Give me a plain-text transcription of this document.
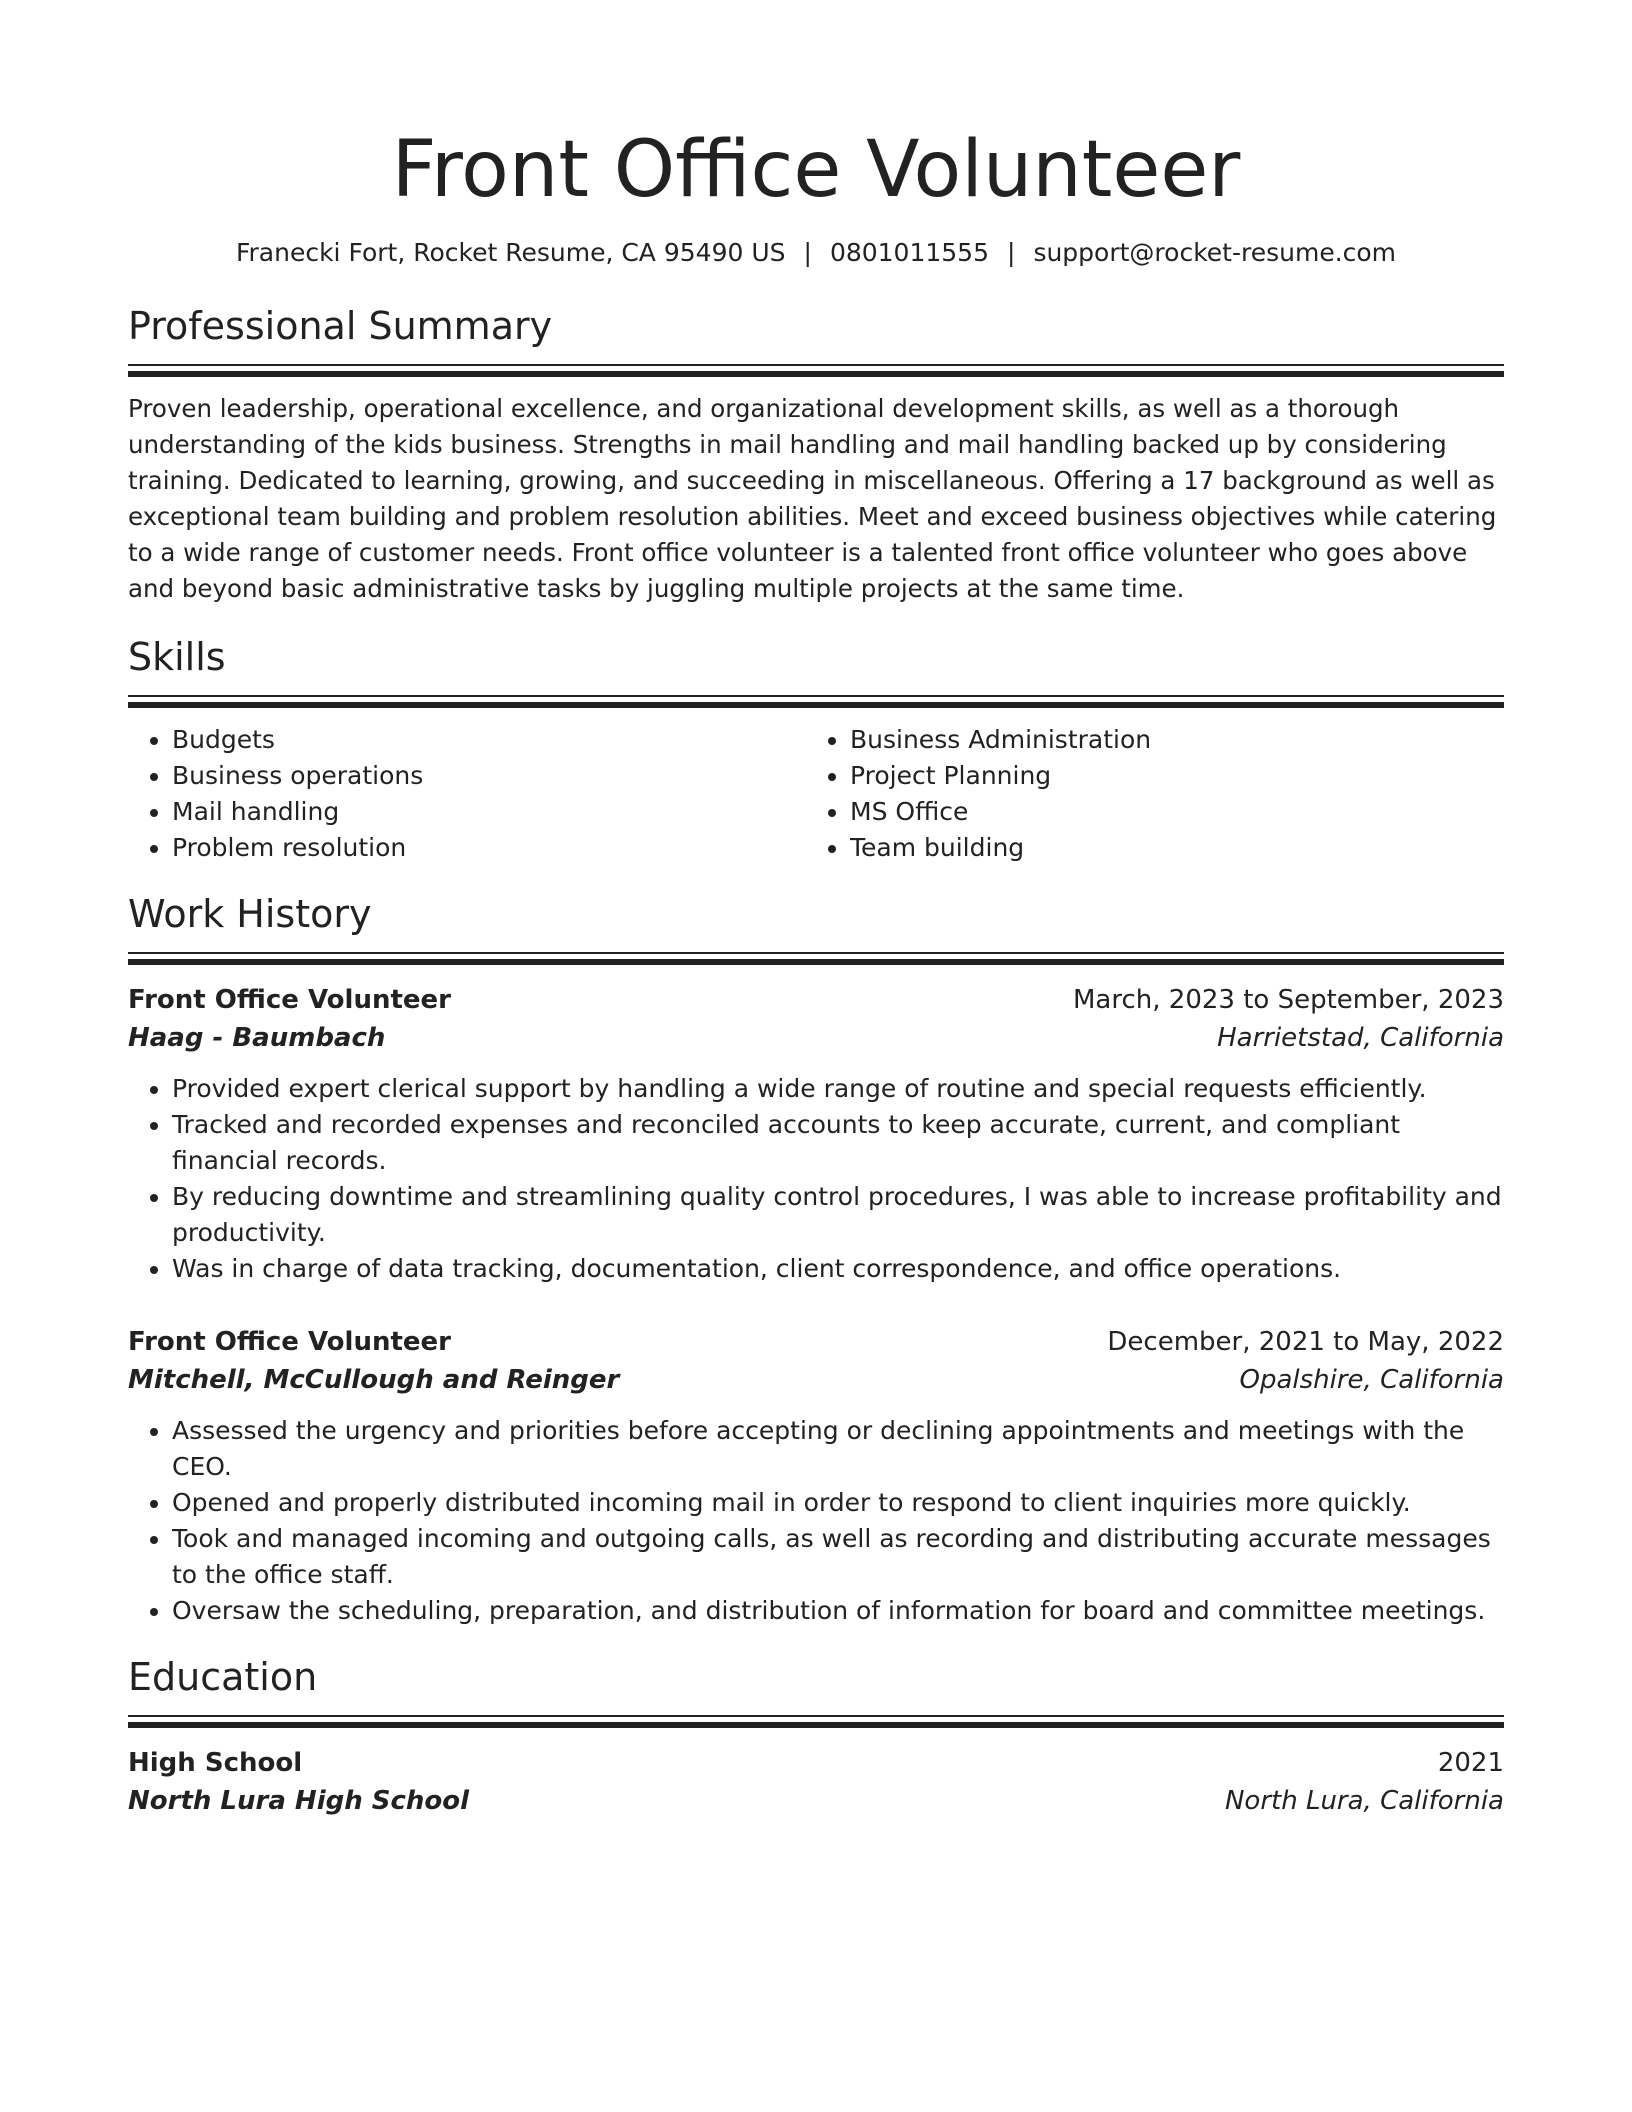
Front Office Volunteer
Franecki Fort, Rocket Resume, CA 95490 US | 0801011555 | support@rocket-resume.com
Professional Summary
Proven leadership, operational excellence, and organizational development skills, as well as a thorough understanding of the kids business. Strengths in mail handling and mail handling backed up by considering training. Dedicated to learning, growing, and succeeding in miscellaneous. Offering a 17 background as well as exceptional team building and problem resolution abilities. Meet and exceed business objectives while catering to a wide range of customer needs. Front office volunteer is a talented front office volunteer who goes above and beyond basic administrative tasks by juggling multiple projects at the same time.
Skills
• Budgets
• Business operations
• Mail handling
• Problem resolution
• Business Administration
• Project Planning
• MS Office
• Team building
Work History
Front Office Volunteer	March, 2023 to September, 2023
Haag - Baumbach	Harrietstad, California
• Provided expert clerical support by handling a wide range of routine and special requests efficiently.
• Tracked and recorded expenses and reconciled accounts to keep accurate, current, and compliant financial records.
• By reducing downtime and streamlining quality control procedures, I was able to increase profitability and productivity.
• Was in charge of data tracking, documentation, client correspondence, and office operations.
Front Office Volunteer	December, 2021 to May, 2022
Mitchell, McCullough and Reinger	Opalshire, California
• Assessed the urgency and priorities before accepting or declining appointments and meetings with the CEO.
• Opened and properly distributed incoming mail in order to respond to client inquiries more quickly.
• Took and managed incoming and outgoing calls, as well as recording and distributing accurate messages to the office staff.
• Oversaw the scheduling, preparation, and distribution of information for board and committee meetings.
Education
High School	2021
North Lura High School	North Lura, California
